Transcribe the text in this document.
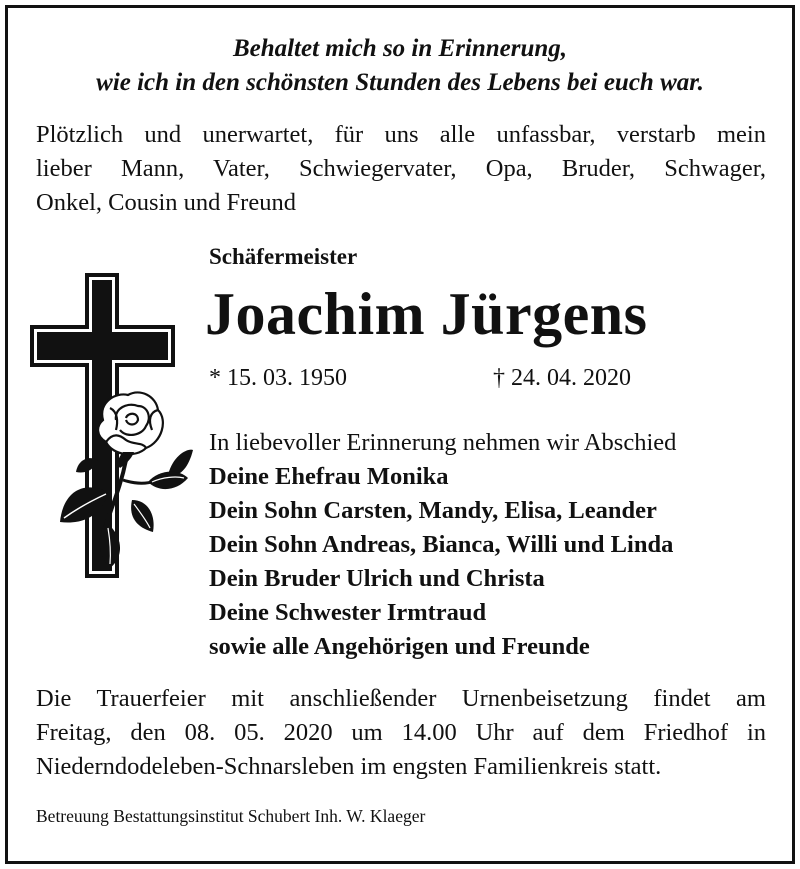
Behaltet mich so in Erinnerung,
wie ich in den schönsten Stunden des Lebens bei euch war.
Plötzlich und unerwartet, für uns alle unfassbar, verstarb mein
lieber Mann, Vater, Schwiegervater, Opa, Bruder, Schwager,
Onkel, Cousin und Freund
Schäfermeister
Joachim Jürgens
* 15. 03. 1950	† 24. 04. 2020
In liebevoller Erinnerung nehmen wir Abschied
Deine Ehefrau Monika
Dein Sohn Carsten, Mandy, Elisa, Leander
Dein Sohn Andreas, Bianca, Willi und Linda
Dein Bruder Ulrich und Christa
Deine Schwester Irmtraud
sowie alle Angehörigen und Freunde
Die Trauerfeier mit anschließender Urnenbeisetzung findet am
Freitag, den 08. 05. 2020 um 14.00 Uhr auf dem Friedhof in
Niederndodeleben-Schnarsleben im engsten Familienkreis statt.
Betreuung Bestattungsinstitut Schubert Inh. W. Klaeger
